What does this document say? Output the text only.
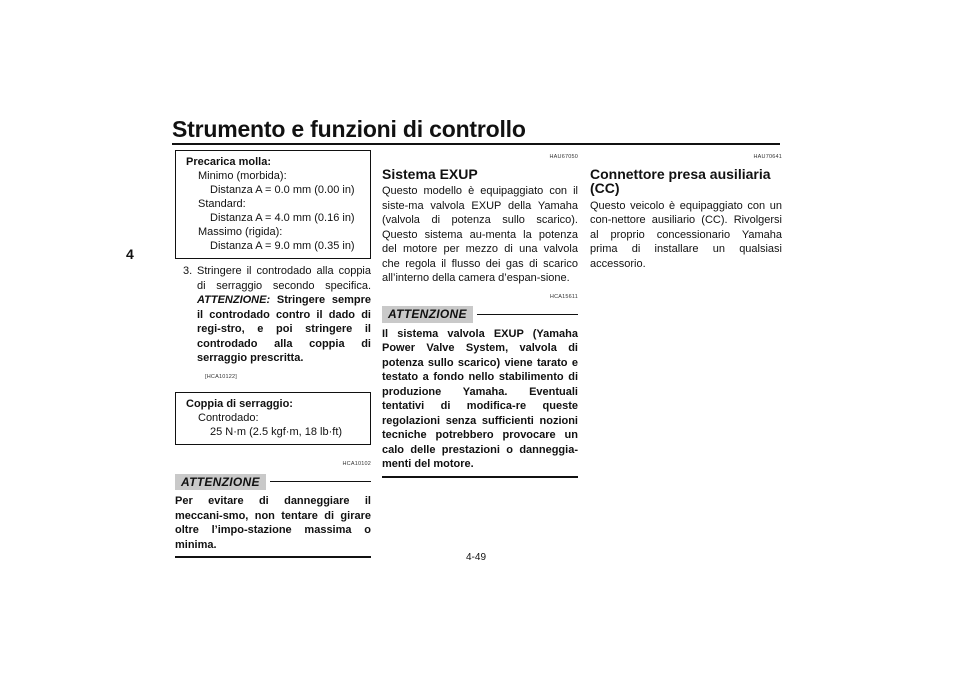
Strumento e funzioni di controllo
4
Precarica molla:
Minimo (morbida):
Distanza A = 0.0 mm (0.00 in)
Standard:
Distanza A = 4.0 mm (0.16 in)
Massimo (rigida):
Distanza A = 9.0 mm (0.35 in)
3. Stringere il controdado alla coppia di serraggio secondo specifica. ATTENZIONE: Stringere sempre il controdado contro il dado di regi-stro, e poi stringere il controdado alla coppia di serraggio prescritta.
[HCA10122]
Coppia di serraggio:
Controdado:
25 N·m (2.5 kgf·m, 18 lb·ft)
HCA10102
ATTENZIONE
Per evitare di danneggiare il meccani-smo, non tentare di girare oltre l’impo-stazione massima o minima.
HAU67050
Sistema EXUP
Questo modello è equipaggiato con il siste-ma valvola EXUP della Yamaha (valvola di potenza sullo scarico). Questo sistema au-menta la potenza del motore per mezzo di una valvola che regola il flusso dei gas di scarico all’interno della camera d’espan-sione.
HCA15611
ATTENZIONE
Il sistema valvola EXUP (Yamaha Power Valve System, valvola di potenza sullo scarico) viene tarato e testato a fondo nello stabilimento di produzione Yamaha. Eventuali tentativi di modifica-re queste regolazioni senza sufficienti nozioni tecniche potrebbero provocare un calo delle prestazioni o danneggia-menti del motore.
HAU70641
Connettore presa ausiliaria (CC)
Questo veicolo è equipaggiato con un con-nettore ausiliario (CC). Rivolgersi al proprio concessionario Yamaha prima di installare un qualsiasi accessorio.
4-49
